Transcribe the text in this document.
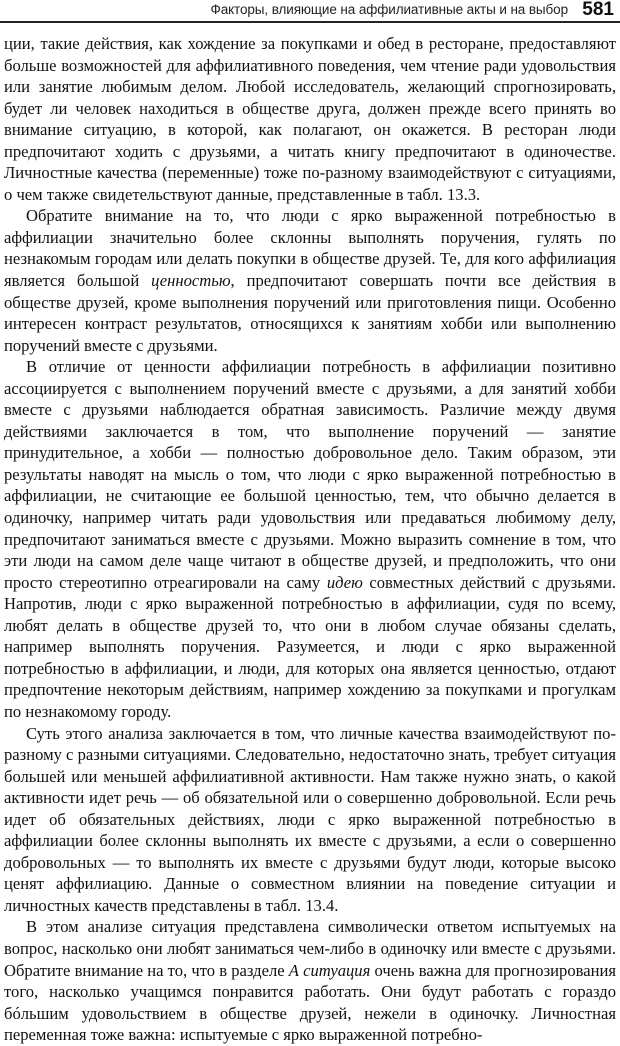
Факторы, влияющие на аффилиативные акты и на выбор 581

ции, такие действия, как хождение за покупками и обед в ресторане, предоставляют больше возможностей для аффилиативного поведения, чем чтение ради удовольствия или занятие любимым делом. Любой исследователь, желающий спрогнозировать, будет ли человек находиться в обществе друга, должен прежде всего принять во внимание ситуацию, в которой, как полагают, он окажется. В ресторан люди предпочитают ходить с друзьями, а читать книгу предпочитают в одиночестве. Личностные качества (переменные) тоже по-разному взаимодействуют с ситуациями, о чем также свидетельствуют данные, представленные в табл. 13.3.

Обратите внимание на то, что люди с ярко выраженной потребностью в аффилиации значительно более склонны выполнять поручения, гулять по незнакомым городам или делать покупки в обществе друзей. Те, для кого аффилиация является большой ценностью, предпочитают совершать почти все действия в обществе друзей, кроме выполнения поручений или приготовления пищи. Особенно интересен контраст результатов, относящихся к занятиям хобби или выполнению поручений вместе с друзьями.

В отличие от ценности аффилиации потребность в аффилиации позитивно ассоциируется с выполнением поручений вместе с друзьями, а для занятий хобби вместе с друзьями наблюдается обратная зависимость. Различие между двумя действиями заключается в том, что выполнение поручений — занятие принудительное, а хобби — полностью добровольное дело. Таким образом, эти результаты наводят на мысль о том, что люди с ярко выраженной потребностью в аффилиации, не считающие ее большой ценностью, тем, что обычно делается в одиночку, например читать ради удовольствия или предаваться любимому делу, предпочитают заниматься вместе с друзьями. Можно выразить сомнение в том, что эти люди на самом деле чаще читают в обществе друзей, и предположить, что они просто стереотипно отреагировали на саму идею совместных действий с друзьями. Напротив, люди с ярко выраженной потребностью в аффилиации, судя по всему, любят делать в обществе друзей то, что они в любом случае обязаны сделать, например выполнять поручения. Разумеется, и люди с ярко выраженной потребностью в аффилиации, и люди, для которых она является ценностью, отдают предпочтение некоторым действиям, например хождению за покупками и прогулкам по незнакомому городу.

Суть этого анализа заключается в том, что личные качества взаимодействуют по-разному с разными ситуациями. Следовательно, недостаточно знать, требует ситуация большей или меньшей аффилиативной активности. Нам также нужно знать, о какой активности идет речь — об обязательной или о совершенно добровольной. Если речь идет об обязательных действиях, люди с ярко выраженной потребностью в аффилиации более склонны выполнять их вместе с друзьями, а если о совершенно добровольных — то выполнять их вместе с друзьями будут люди, которые высоко ценят аффилиацию. Данные о совместном влиянии на поведение ситуации и личностных качеств представлены в табл. 13.4.

В этом анализе ситуация представлена символически ответом испытуемых на вопрос, насколько они любят заниматься чем-либо в одиночку или вместе с друзьями. Обратите внимание на то, что в разделе А ситуация очень важна для прогнозирования того, насколько учащимся понравится работать. Они будут работать с гораздо бóльшим удовольствием в обществе друзей, нежели в одиночку. Личностная переменная тоже важна: испытуемые с ярко выраженной потребно-
